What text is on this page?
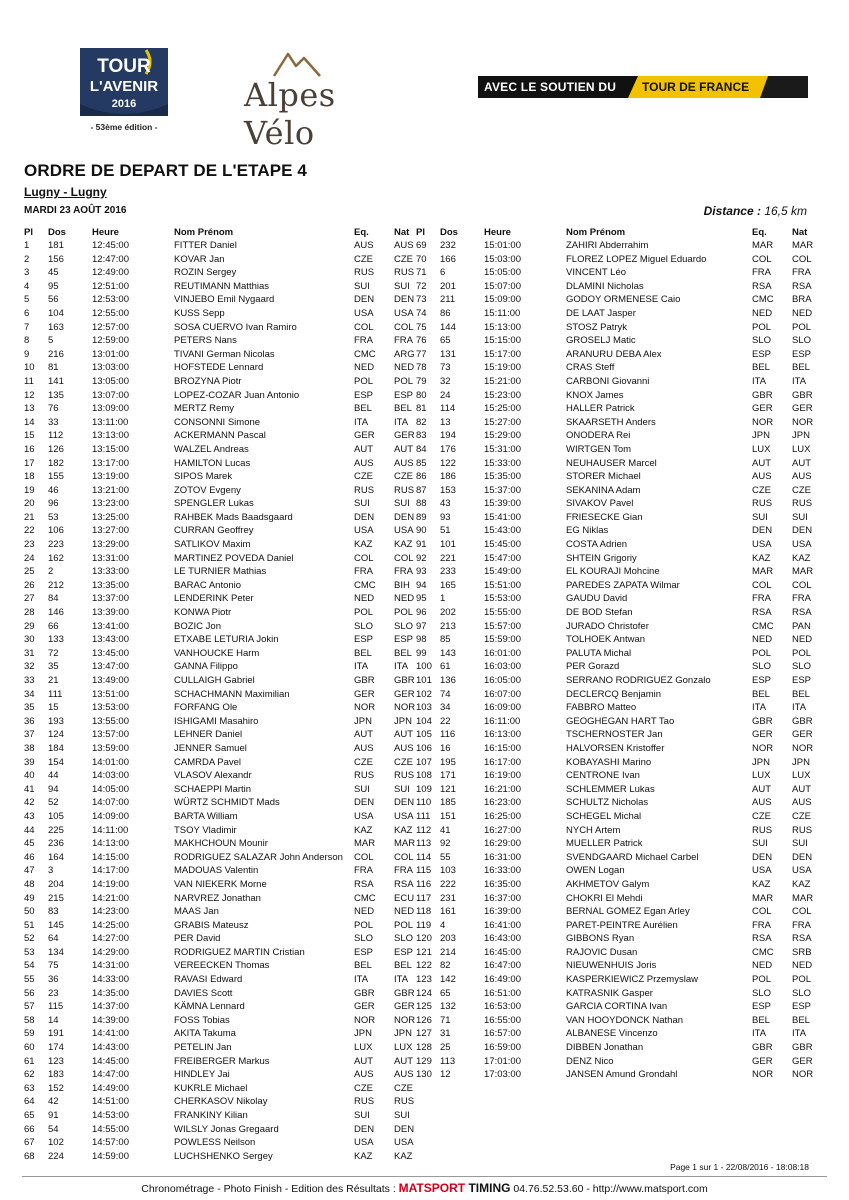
TOUR
L'AVENIR
2016
- 53ème édition -
Alpes Vélo
AVEC LE SOUTIEN DU TOUR DE FRANCE
ORDRE DE DEPART DE L'ETAPE 4
Lugny - Lugny
MARDI 23 AOÛT 2016	Distance : 16,5 km
Pl	Dos	Heure	Nom Prénom	Eq.	Nat
1	181	12:45:00	FITTER Daniel	AUS	AUS
2	156	12:47:00	KOVAR Jan	CZE	CZE
3	45	12:49:00	ROZIN Sergey	RUS	RUS
4	95	12:51:00	REUTIMANN Matthias	SUI	SUI
5	56	12:53:00	VINJEBO Emil Nygaard	DEN	DEN
6	104	12:55:00	KUSS Sepp	USA	USA
7	163	12:57:00	SOSA CUERVO Ivan Ramiro	COL	COL
8	5	12:59:00	PETERS Nans	FRA	FRA
9	216	13:01:00	TIVANI German Nicolas	CMC	ARG
10	81	13:03:00	HOFSTEDE Lennard	NED	NED
11	141	13:05:00	BROZYNA Piotr	POL	POL
12	135	13:07:00	LOPEZ-COZAR Juan Antonio	ESP	ESP
13	76	13:09:00	MERTZ Remy	BEL	BEL
14	33	13:11:00	CONSONNI Simone	ITA	ITA
15	112	13:13:00	ACKERMANN Pascal	GER	GER
16	126	13:15:00	WALZEL Andreas	AUT	AUT
17	182	13:17:00	HAMILTON Lucas	AUS	AUS
18	155	13:19:00	SIPOS Marek	CZE	CZE
19	46	13:21:00	ZOTOV Evgeny	RUS	RUS
20	96	13:23:00	SPENGLER Lukas	SUI	SUI
21	53	13:25:00	RAHBEK Mads Baadsgaard	DEN	DEN
22	106	13:27:00	CURRAN Geoffrey	USA	USA
23	223	13:29:00	SATLIKOV Maxim	KAZ	KAZ
24	162	13:31:00	MARTINEZ POVEDA Daniel	COL	COL
25	2	13:33:00	LE TURNIER Mathias	FRA	FRA
26	212	13:35:00	BARAC Antonio	CMC	BIH
27	84	13:37:00	LENDERINK Peter	NED	NED
28	146	13:39:00	KONWA Piotr	POL	POL
29	66	13:41:00	BOZIC Jon	SLO	SLO
30	133	13:43:00	ETXABE LETURIA Jokin	ESP	ESP
31	72	13:45:00	VANHOUCKE Harm	BEL	BEL
32	35	13:47:00	GANNA Filippo	ITA	ITA
33	21	13:49:00	CULLAIGH Gabriel	GBR	GBR
34	111	13:51:00	SCHACHMANN Maximilian	GER	GER
35	15	13:53:00	FORFANG Ole	NOR	NOR
36	193	13:55:00	ISHIGAMI Masahiro	JPN	JPN
37	124	13:57:00	LEHNER Daniel	AUT	AUT
38	184	13:59:00	JENNER Samuel	AUS	AUS
39	154	14:01:00	CAMRDA Pavel	CZE	CZE
40	44	14:03:00	VLASOV Alexandr	RUS	RUS
41	94	14:05:00	SCHAEPPI Martin	SUI	SUI
42	52	14:07:00	WÜRTZ SCHMIDT Mads	DEN	DEN
43	105	14:09:00	BARTA William	USA	USA
44	225	14:11:00	TSOY Vladimir	KAZ	KAZ
45	236	14:13:00	MAKHCHOUN Mounir	MAR	MAR
46	164	14:15:00	RODRIGUEZ SALAZAR John Anderson	COL	COL
47	3	14:17:00	MADOUAS Valentin	FRA	FRA
48	204	14:19:00	VAN NIEKERK Morne	RSA	RSA
49	215	14:21:00	NARVREZ Jonathan	CMC	ECU
50	83	14:23:00	MAAS Jan	NED	NED
51	145	14:25:00	GRABIS Mateusz	POL	POL
52	64	14:27:00	PER David	SLO	SLO
53	134	14:29:00	RODRIGUEZ MARTIN Cristian	ESP	ESP
54	75	14:31:00	VEREECKEN Thomas	BEL	BEL
55	36	14:33:00	RAVASI Edward	ITA	ITA
56	23	14:35:00	DAVIES Scott	GBR	GBR
57	115	14:37:00	KÄMNA Lennard	GER	GER
58	14	14:39:00	FOSS Tobias	NOR	NOR
59	191	14:41:00	AKITA Takuma	JPN	JPN
60	174	14:43:00	PETELIN Jan	LUX	LUX
61	123	14:45:00	FREIBERGER Markus	AUT	AUT
62	183	14:47:00	HINDLEY Jai	AUS	AUS
63	152	14:49:00	KUKRLE Michael	CZE	CZE
64	42	14:51:00	CHERKASOV Nikolay	RUS	RUS
65	91	14:53:00	FRANKINY Kilian	SUI	SUI
66	54	14:55:00	WILSLY Jonas Gregaard	DEN	DEN
67	102	14:57:00	POWLESS Neilson	USA	USA
68	224	14:59:00	LUCHSHENKO Sergey	KAZ	KAZ
Pl	Dos	Heure	Nom Prénom	Eq.	Nat
69	232	15:01:00	ZAHIRI Abderrahim	MAR	MAR
70	166	15:03:00	FLOREZ LOPEZ Miguel Eduardo	COL	COL
71	6	15:05:00	VINCENT Léo	FRA	FRA
72	201	15:07:00	DLAMINI Nicholas	RSA	RSA
73	211	15:09:00	GODOY ORMENESE Caio	CMC	BRA
74	86	15:11:00	DE LAAT Jasper	NED	NED
75	144	15:13:00	STOSZ Patryk	POL	POL
76	65	15:15:00	GROSELJ Matic	SLO	SLO
77	131	15:17:00	ARANURU DEBA Alex	ESP	ESP
78	73	15:19:00	CRAS Steff	BEL	BEL
79	32	15:21:00	CARBONI Giovanni	ITA	ITA
80	24	15:23:00	KNOX James	GBR	GBR
81	114	15:25:00	HALLER Patrick	GER	GER
82	13	15:27:00	SKAARSETH Anders	NOR	NOR
83	194	15:29:00	ONODERA Rei	JPN	JPN
84	176	15:31:00	WIRTGEN Tom	LUX	LUX
85	122	15:33:00	NEUHAUSER Marcel	AUT	AUT
86	186	15:35:00	STORER Michael	AUS	AUS
87	153	15:37:00	SEKANINA Adam	CZE	CZE
88	43	15:39:00	SIVAKOV Pavel	RUS	RUS
89	93	15:41:00	FRIESECKE Gian	SUI	SUI
90	51	15:43:00	EG Niklas	DEN	DEN
91	101	15:45:00	COSTA Adrien	USA	USA
92	221	15:47:00	SHTEIN Grigoriy	KAZ	KAZ
93	233	15:49:00	EL KOURAJI Mohcine	MAR	MAR
94	165	15:51:00	PAREDES ZAPATA Wilmar	COL	COL
95	1	15:53:00	GAUDU David	FRA	FRA
96	202	15:55:00	DE BOD Stefan	RSA	RSA
97	213	15:57:00	JURADO Christofer	CMC	PAN
98	85	15:59:00	TOLHOEK Antwan	NED	NED
99	143	16:01:00	PALUTA Michal	POL	POL
100	61	16:03:00	PER Gorazd	SLO	SLO
101	136	16:05:00	SERRANO RODRIGUEZ Gonzalo	ESP	ESP
102	74	16:07:00	DECLERCQ Benjamin	BEL	BEL
103	34	16:09:00	FABBRO Matteo	ITA	ITA
104	22	16:11:00	GEOGHEGAN HART Tao	GBR	GBR
105	116	16:13:00	TSCHERNOSTER Jan	GER	GER
106	16	16:15:00	HALVORSEN Kristoffer	NOR	NOR
107	195	16:17:00	KOBAYASHI Marino	JPN	JPN
108	171	16:19:00	CENTRONE Ivan	LUX	LUX
109	121	16:21:00	SCHLEMMER Lukas	AUT	AUT
110	185	16:23:00	SCHULTZ Nicholas	AUS	AUS
111	151	16:25:00	SCHEGEL Michal	CZE	CZE
112	41	16:27:00	NYCH Artem	RUS	RUS
113	92	16:29:00	MUELLER Patrick	SUI	SUI
114	55	16:31:00	SVENDGAARD Michael Carbel	DEN	DEN
115	103	16:33:00	OWEN Logan	USA	USA
116	222	16:35:00	AKHMETOV Galym	KAZ	KAZ
117	231	16:37:00	CHOKRI El Mehdi	MAR	MAR
118	161	16:39:00	BERNAL GOMEZ Egan Arley	COL	COL
119	4	16:41:00	PARET-PEINTRE Aurélien	FRA	FRA
120	203	16:43:00	GIBBONS Ryan	RSA	RSA
121	214	16:45:00	RAJOVIC Dusan	CMC	SRB
122	82	16:47:00	NIEUWENHUIS Joris	NED	NED
123	142	16:49:00	KASPERKIEWICZ Przemyslaw	POL	POL
124	65	16:51:00	KATRASNIK Gasper	SLO	SLO
125	132	16:53:00	GARCIA CORTINA Ivan	ESP	ESP
126	71	16:55:00	VAN HOOYDONCK Nathan	BEL	BEL
127	31	16:57:00	ALBANESE Vincenzo	ITA	ITA
128	25	16:59:00	DIBBEN Jonathan	GBR	GBR
129	113	17:01:00	DENZ Nico	GER	GER
130	12	17:03:00	JANSEN Amund Grondahl	NOR	NOR
Page 1 sur 1 - 22/08/2016 - 18:08:18
Chronométrage - Photo Finish - Edition des Résultats : MATSPORT TIMING 04.76.52.53.60 - http://www.matsport.com
